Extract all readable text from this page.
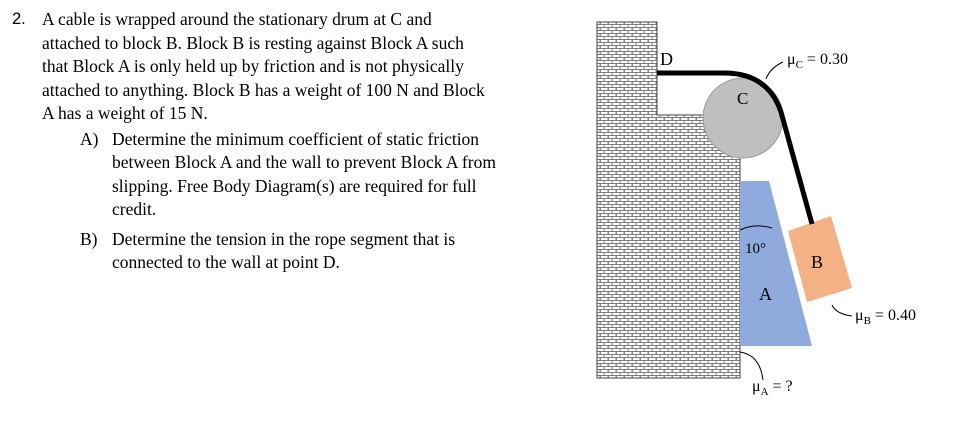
2. A cable is wrapped around the stationary drum at C and
attached to block B. Block B is resting against Block A such
that Block A is only held up by friction and is not physically
attached to anything. Block B has a weight of 100 N and Block
A has a weight of 15 N.
A) Determine the minimum coefficient of static friction
between Block A and the wall to prevent Block A from
slipping. Free Body Diagram(s) are required for full
credit.
B) Determine the tension in the rope segment that is
connected to the wall at point D.
D
C
A
B
10°
$\mu_C = 0.30$
$\mu_B = 0.40$
$\mu_A$ = ?
